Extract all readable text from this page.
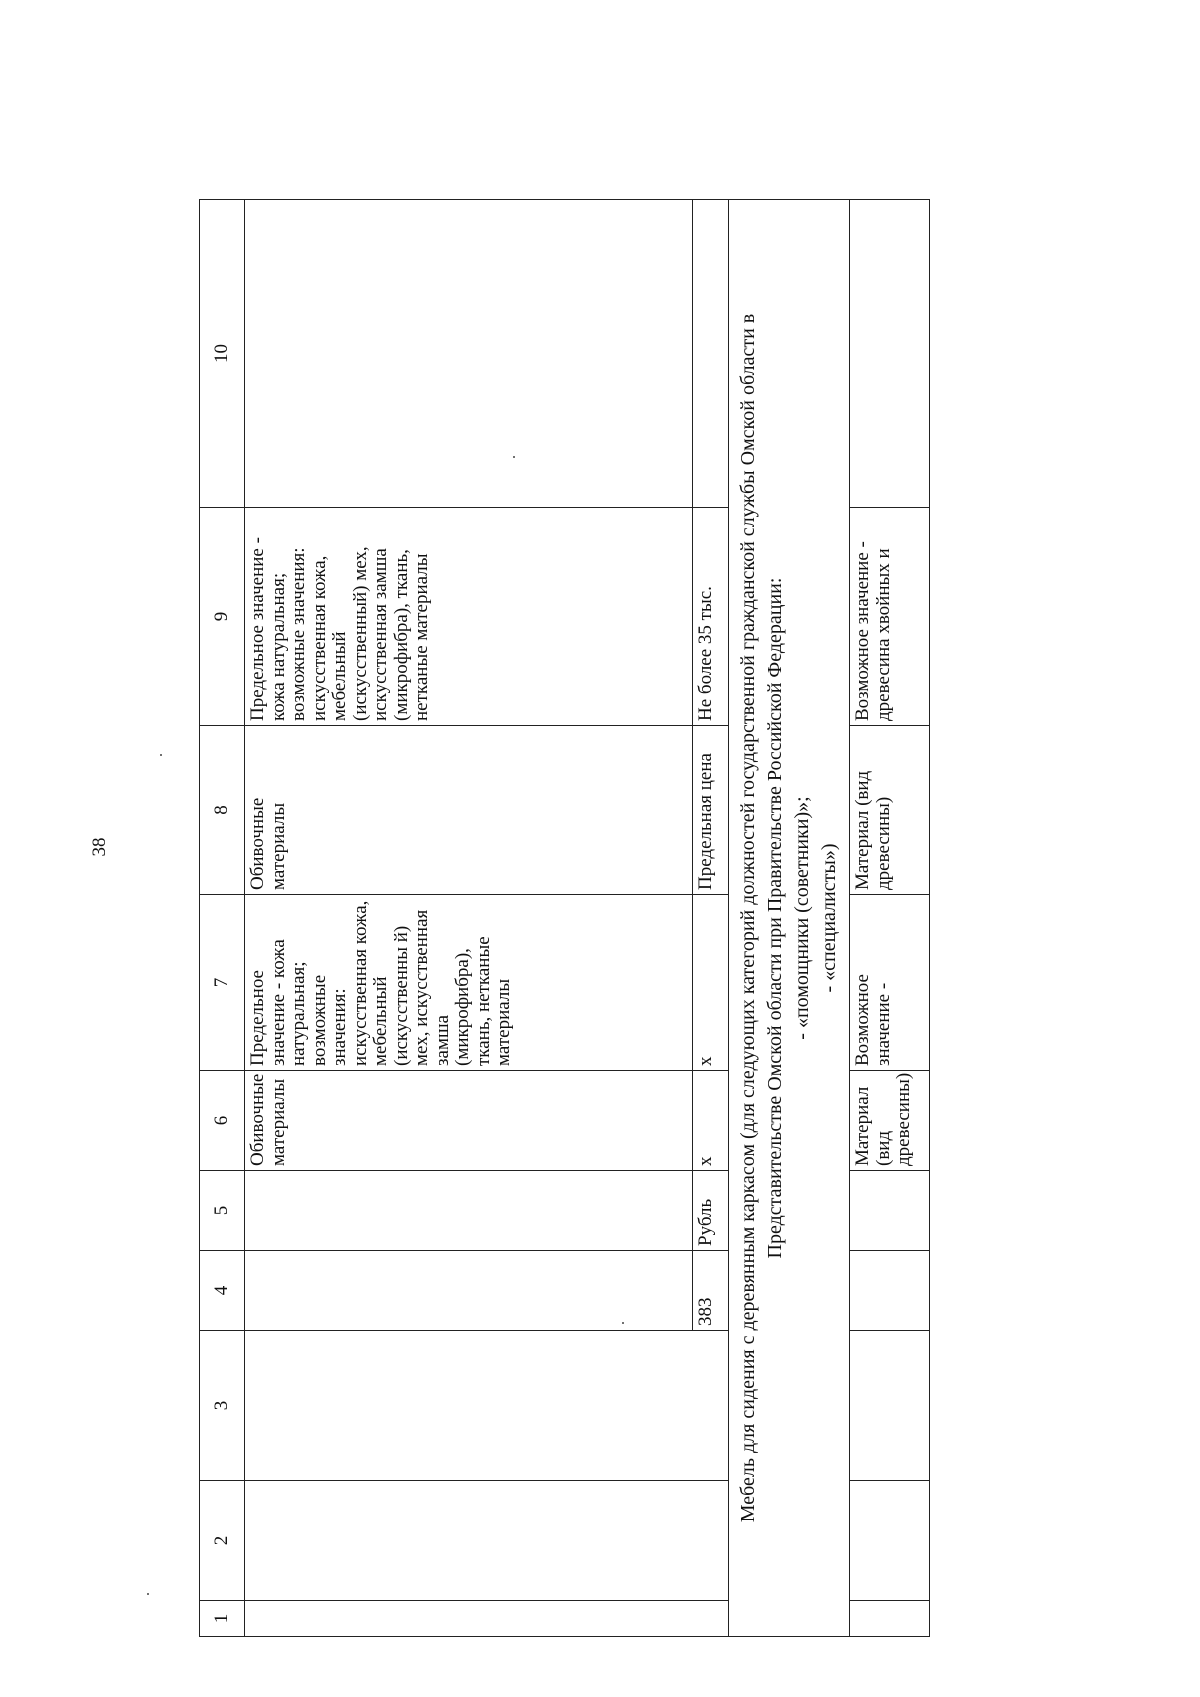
38
1	2	3	4	5	6	7	8	9	10
					Обивочные материалы	Предельное значение - кожа натуральная; возможные значения: искусственная кожа, мебельный (искусственны й) мех, искусственная замша (микрофибра), ткань, нетканые материалы	Обивочные материалы	Предельное значение - кожа натуральная; возможные значения: искусственная кожа, мебельный (искусственный) мех, искусственная замша (микрофибра), ткань, нетканые материалы	
			383	Рубль	x	x	Предельная цена	Не более 35 тыс.	

Мебель для сидения с деревянным каркасом (для следующих категорий должностей государственной гражданской службы Омской области в Представительстве Омской области при Правительстве Российской Федерации: - «помощники (советники)»; - «специалисты»)									

					Материал (вид древесины)	Возможное значение -	Материал (вид древесины)	Возможное значение - древесина хвойных и	
